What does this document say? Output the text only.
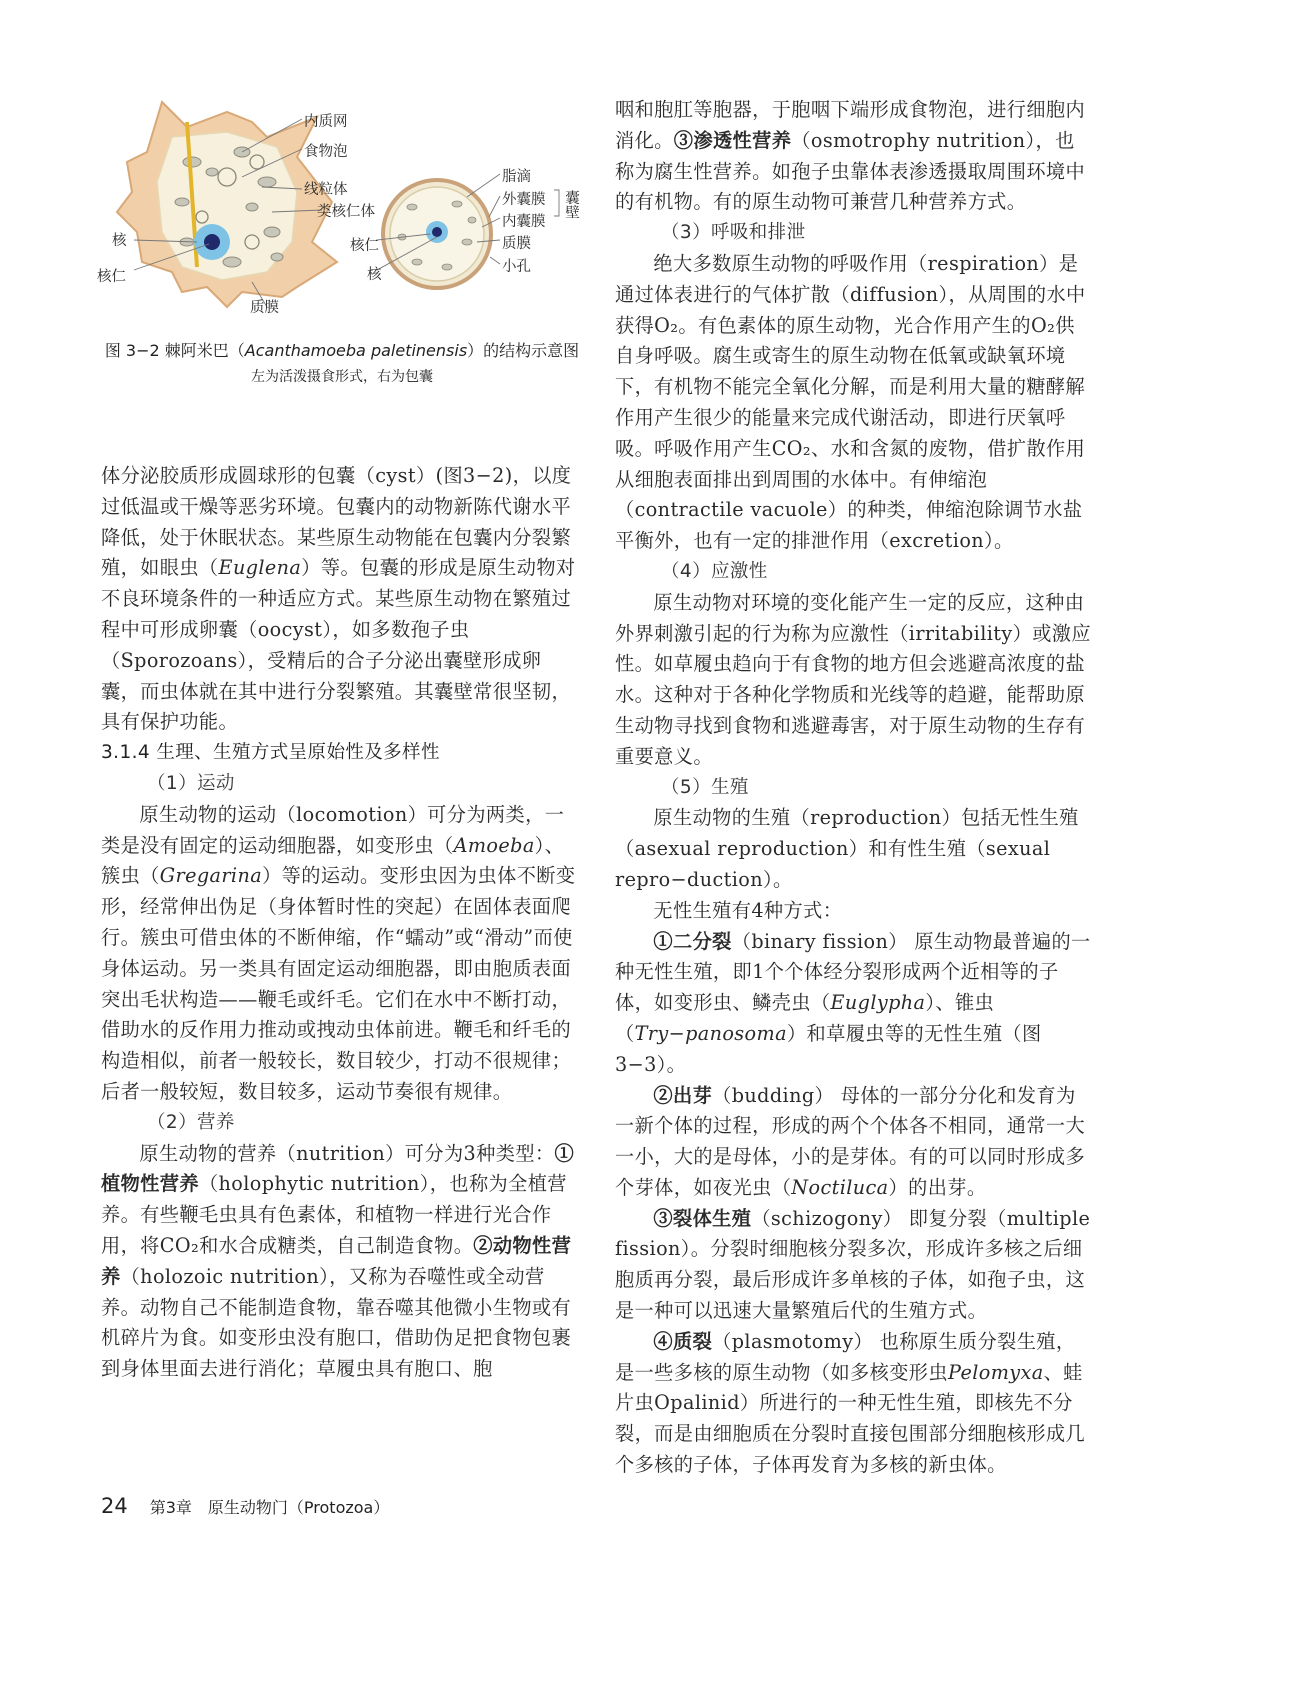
内质网
食物泡
线粒体
类核仁体
核
核仁
核仁
核
质膜
脂滴
外囊膜
内囊膜
囊壁
质膜
小孔
图 3−2 棘阿米巴（Acanthamoeba paletinensis）的结构示意图
左为活泼摄食形式，右为包囊

体分泌胶质形成圆球形的包囊（cyst）(图3−2)，以度过低温或干燥等恶劣环境。包囊内的动物新陈代谢水平降低，处于休眠状态。某些原生动物能在包囊内分裂繁殖，如眼虫（Euglena）等。包囊的形成是原生动物对不良环境条件的一种适应方式。某些原生动物在繁殖过程中可形成卵囊（oocyst），如多数孢子虫（Sporozoans），受精后的合子分泌出囊壁形成卵囊，而虫体就在其中进行分裂繁殖。其囊壁常很坚韧，具有保护功能。

3.1.4 生理、生殖方式呈原始性及多样性

（1）运动

原生动物的运动（locomotion）可分为两类，一类是没有固定的运动细胞器，如变形虫（Amoeba）、簇虫（Gregarina）等的运动。变形虫因为虫体不断变形，经常伸出伪足（身体暂时性的突起）在固体表面爬行。簇虫可借虫体的不断伸缩，作“蠕动”或“滑动”而使身体运动。另一类具有固定运动细胞器，即由胞质表面突出毛状构造——鞭毛或纤毛。它们在水中不断打动，借助水的反作用力推动或拽动虫体前进。鞭毛和纤毛的构造相似，前者一般较长，数目较少，打动不很规律；后者一般较短，数目较多，运动节奏很有规律。

（2）营养

原生动物的营养（nutrition）可分为3种类型：①植物性营养（holophytic nutrition），也称为全植营养。有些鞭毛虫具有色素体，和植物一样进行光合作用，将CO₂和水合成糖类，自己制造食物。②动物性营养（holozoic nutrition），又称为吞噬性或全动营养。动物自己不能制造食物，靠吞噬其他微小生物或有机碎片为食。如变形虫没有胞口，借助伪足把食物包裹到身体里面去进行消化；草履虫具有胞口、胞

咽和胞肛等胞器，于胞咽下端形成食物泡，进行细胞内消化。③渗透性营养（osmotrophy nutrition），也称为腐生性营养。如孢子虫靠体表渗透摄取周围环境中的有机物。有的原生动物可兼营几种营养方式。

（3）呼吸和排泄

绝大多数原生动物的呼吸作用（respiration）是通过体表进行的气体扩散（diffusion），从周围的水中获得O₂。有色素体的原生动物，光合作用产生的O₂供自身呼吸。腐生或寄生的原生动物在低氧或缺氧环境下，有机物不能完全氧化分解，而是利用大量的糖酵解作用产生很少的能量来完成代谢活动，即进行厌氧呼吸。呼吸作用产生CO₂、水和含氮的废物，借扩散作用从细胞表面排出到周围的水体中。有伸缩泡（contractile vacuole）的种类，伸缩泡除调节水盐平衡外，也有一定的排泄作用（excretion）。

（4）应激性

原生动物对环境的变化能产生一定的反应，这种由外界刺激引起的行为称为应激性（irritability）或激应性。如草履虫趋向于有食物的地方但会逃避高浓度的盐水。这种对于各种化学物质和光线等的趋避，能帮助原生动物寻找到食物和逃避毒害，对于原生动物的生存有重要意义。

（5）生殖

原生动物的生殖（reproduction）包括无性生殖（asexual reproduction）和有性生殖（sexual repro−duction）。

无性生殖有4种方式：

①二分裂（binary fission） 原生动物最普遍的一种无性生殖，即1个个体经分裂形成两个近相等的子体，如变形虫、鳞壳虫（Euglypha）、锥虫（Try−panosoma）和草履虫等的无性生殖（图3−3）。

②出芽（budding） 母体的一部分分化和发育为一新个体的过程，形成的两个个体各不相同，通常一大一小，大的是母体，小的是芽体。有的可以同时形成多个芽体，如夜光虫（Noctiluca）的出芽。

③裂体生殖（schizogony） 即复分裂（multiple fission）。分裂时细胞核分裂多次，形成许多核之后细胞质再分裂，最后形成许多单核的子体，如孢子虫，这是一种可以迅速大量繁殖后代的生殖方式。

④质裂（plasmotomy） 也称原生质分裂生殖，是一些多核的原生动物（如多核变形虫Pelomyxa、蛙片虫Opalinid）所进行的一种无性生殖，即核先不分裂，而是由细胞质在分裂时直接包围部分细胞核形成几个多核的子体，子体再发育为多核的新虫体。

24 第3章　原生动物门（Protozoa）
